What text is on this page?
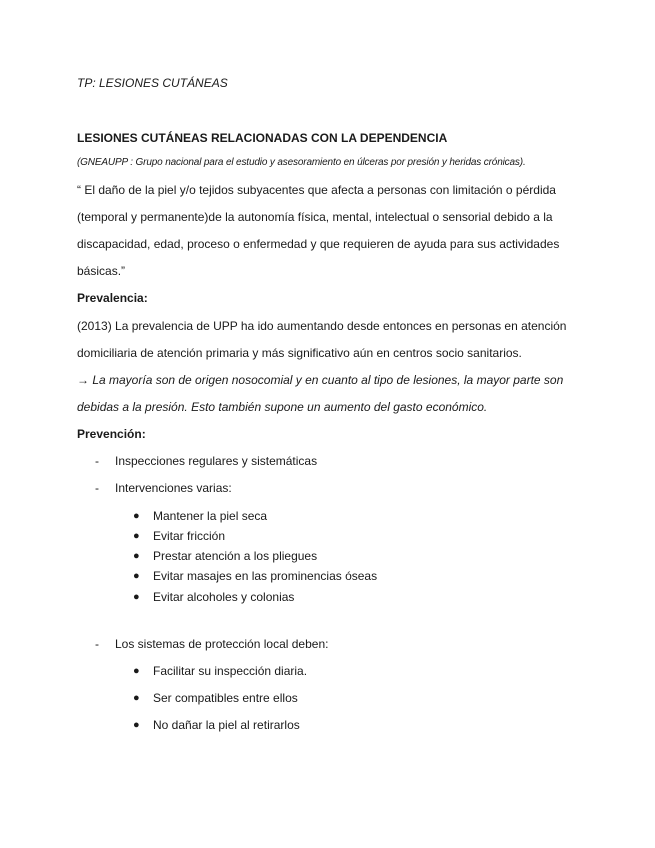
TP: LESIONES CUTÁNEAS

LESIONES CUTÁNEAS RELACIONADAS CON LA DEPENDENCIA

(GNEAUPP : Grupo nacional para el estudio y asesoramiento en úlceras por presión y heridas crónicas).

“ El daño de la piel y/o tejidos subyacentes que afecta a personas con limitación o pérdida

(temporal y permanente)de la autonomía física, mental, intelectual o sensorial debido a la

discapacidad, edad, proceso o enfermedad y que requieren de ayuda para sus actividades

básicas.”

Prevalencia:

(2013) La prevalencia de UPP ha ido aumentando desde entonces en personas en atención

domiciliaria de atención primaria y más significativo aún en centros socio sanitarios.

→ La mayoría son de origen nosocomial y en cuanto al tipo de lesiones, la mayor parte son

debidas a la presión. Esto también supone un aumento del gasto económico.

Prevención:

- Inspecciones regulares y sistemáticas

- Intervenciones varias:

● Mantener la piel seca

● Evitar fricción

● Prestar atención a los pliegues

● Evitar masajes en las prominencias óseas

● Evitar alcoholes y colonias

- Los sistemas de protección local deben:

● Facilitar su inspección diaria.

● Ser compatibles entre ellos

● No dañar la piel al retirarlos
